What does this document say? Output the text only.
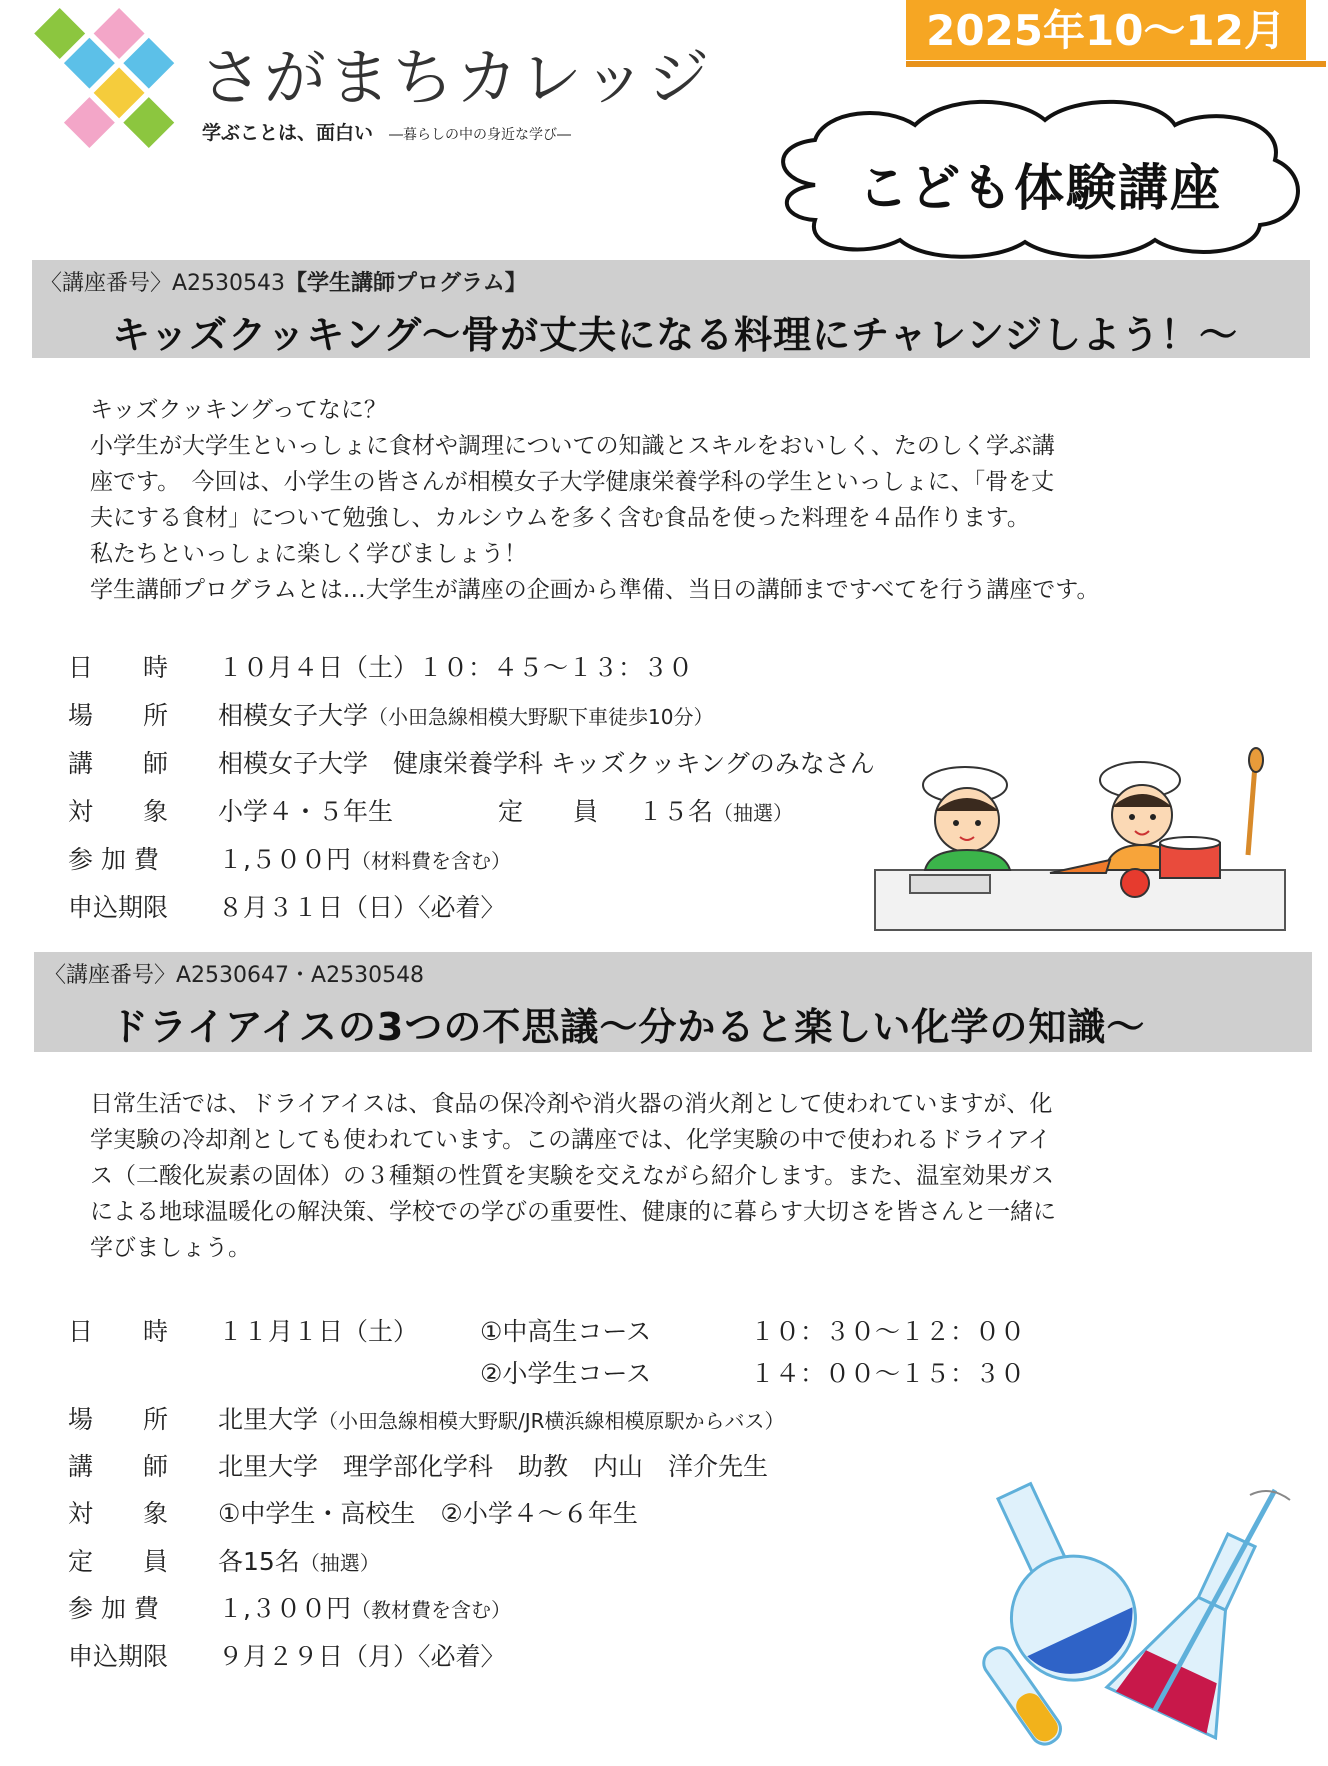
さがまちカレッジ
学ぶことは、面白い ―暮らしの中の身近な学び―
2025年10～12月
こども体験講座
〈講座番号〉A2530543【学生講師プログラム】
キッズクッキング～骨が丈夫になる料理にチャレンジしよう！～

キッズクッキングってなに？

小学生が大学生といっしょに食材や調理についての知識とスキルをおいしく、たのしく学ぶ講

座です。　今回は、小学生の皆さんが相模女子大学健康栄養学科の学生といっしょに、「骨を丈

夫にする食材」について勉強し、カルシウムを多く含む食品を使った料理を４品作ります。

私たちといっしょに楽しく学びましょう！

学生講師プログラムとは…大学生が講座の企画から準備、当日の講師まですべてを行う講座です。

日　　時 １０月４日（土）１０：４５～１３：３０
場　　所 相模女子大学（小田急線相模大野駅下車徒歩10分）
講　　師 相模女子大学　健康栄養学科 キッズクッキングのみなさん
対　　象 小学４・５年生	定　　員 １５名（抽選）
参 加 費 １,５００円（材料費を含む）
申込期限 ８月３１日（日）〈必着〉
〈講座番号〉A2530647・A2530548
ドライアイスの3つの不思議～分かると楽しい化学の知識～

日常生活では、ドライアイスは、食品の保冷剤や消火器の消火剤として使われていますが、化

学実験の冷却剤としても使われています。この講座では、化学実験の中で使われるドライアイ

ス（二酸化炭素の固体）の３種類の性質を実験を交えながら紹介します。また、温室効果ガス

による地球温暖化の解決策、学校での学びの重要性、健康的に暮らす大切さを皆さんと一緒に

学びましょう。

日　　時 １１月１日（土） ①中高生コース	１０：３０～１２：００
②小学生コース	１４：００～１５：３０
場　　所 北里大学（小田急線相模大野駅/JR横浜線相模原駅からバス）
講　　師 北里大学　理学部化学科　助教　内山　洋介先生
対　　象 ①中学生・高校生　②小学４～６年生
定　　員 各15名（抽選）
参 加 費 １,３００円（教材費を含む）
申込期限 ９月２９日（月）〈必着〉
